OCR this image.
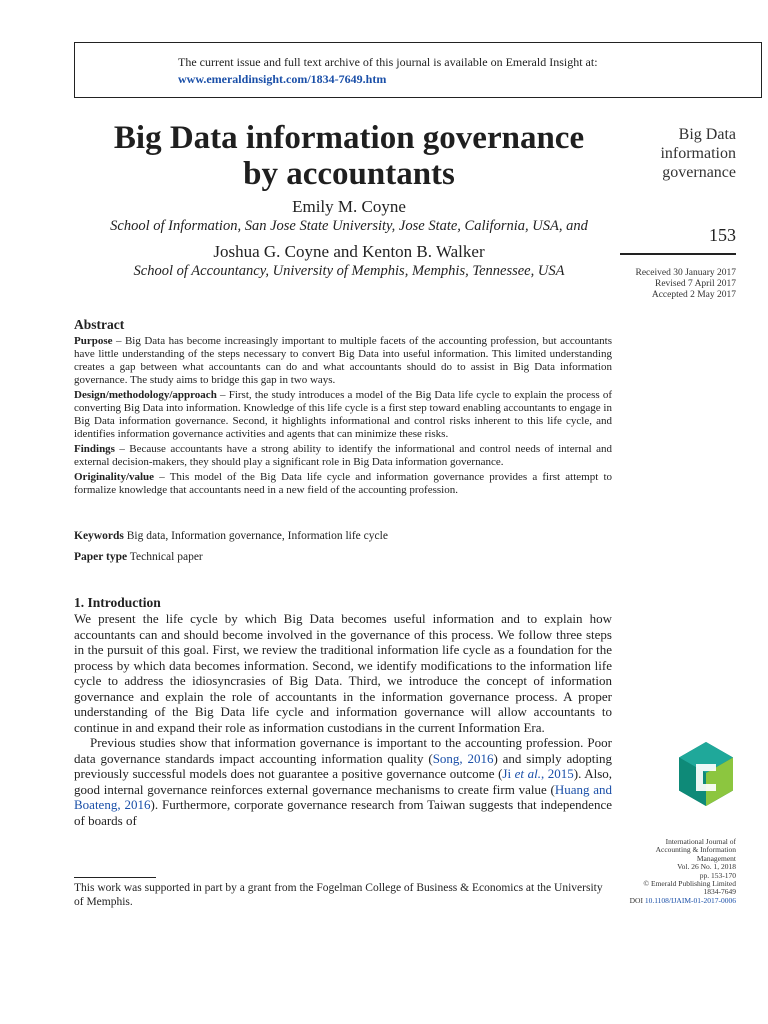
The current issue and full text archive of this journal is available on Emerald Insight at:
www.emeraldinsight.com/1834-7649.htm
Big Data information governance
by accountants
Emily M. Coyne
School of Information, San Jose State University, Jose State, California, USA, and
Joshua G. Coyne and Kenton B. Walker
School of Accountancy, University of Memphis, Memphis, Tennessee, USA
Big Data
information
governance
153
Received 30 January 2017
Revised 7 April 2017
Accepted 2 May 2017
Abstract

Purpose – Big Data has become increasingly important to multiple facets of the accounting profession, but accountants have little understanding of the steps necessary to convert Big Data into useful information. This limited understanding creates a gap between what accountants can do and what accountants should do to assist in Big Data information governance. The study aims to bridge this gap in two ways.

Design/methodology/approach – First, the study introduces a model of the Big Data life cycle to explain the process of converting Big Data into information. Knowledge of this life cycle is a first step toward enabling accountants to engage in Big Data information governance. Second, it highlights informational and control risks inherent to this life cycle, and identifies information governance activities and agents that can minimize these risks.

Findings – Because accountants have a strong ability to identify the informational and control needs of internal and external decision-makers, they should play a significant role in Big Data information governance.

Originality/value – This model of the Big Data life cycle and information governance provides a first attempt to formalize knowledge that accountants need in a new field of the accounting profession.

Keywords Big data, Information governance, Information life cycle
Paper type Technical paper
1. Introduction

We present the life cycle by which Big Data becomes useful information and to explain how accountants can and should become involved in the governance of this process. We follow three steps in the pursuit of this goal. First, we review the traditional information life cycle as a foundation for the process by which data becomes information. Second, we identify modifications to the information life cycle to address the idiosyncrasies of Big Data. Third, we introduce the concept of information governance and explain the role of accountants in the information governance process. A proper understanding of the Big Data life cycle and information governance will allow accountants to continue in and expand their role as information custodians in the current Information Era.

Previous studies show that information governance is important to the accounting profession. Poor data governance standards impact accounting information quality (Song, 2016) and simply adopting previously successful models does not guarantee a positive governance outcome (Ji et al., 2015). Also, good internal governance reinforces external governance mechanisms to create firm value (Huang and Boateng, 2016). Furthermore, corporate governance research from Taiwan suggests that independence of boards of

This work was supported in part by a grant from the Fogelman College of Business & Economics at the University of Memphis.
International Journal of
Accounting & Information
Management
Vol. 26 No. 1, 2018
pp. 153-170
© Emerald Publishing Limited
1834-7649
DOI 10.1108/IJAIM-01-2017-0006
